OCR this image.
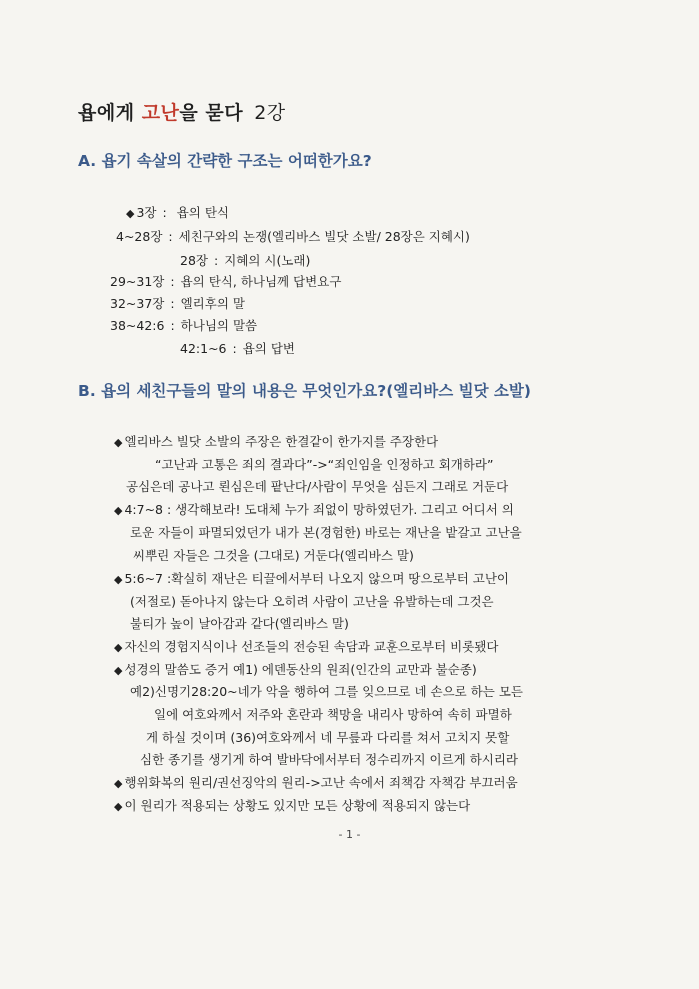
욥에게 고난을 묻다 2강
A. 욥기 속살의 간략한 구조는 어떠한가요?
◆ 3장 : 욥의 탄식
4~28장 : 세친구와의 논쟁(엘리바스 빌닷 소발/ 28장은 지혜시)
28장 : 지혜의 시(노래)
29~31장 : 욥의 탄식, 하나님께 답변요구
32~37장 : 엘리후의 말
38~42:6 : 하나님의 말씀
42:1~6 : 욥의 답변
B. 욥의 세친구들의 말의 내용은 무엇인가요?(엘리바스 빌닷 소발)
◆ 엘리바스 빌닷 소발의 주장은 한결같이 한가지를 주장한다
“고난과 고통은 죄의 결과다”->“죄인임을 인정하고 회개하라”
공심은데 공나고 뢴심은데 팥난다/사람이 무엇을 심든지 그래로 거둔다
◆ 4:7~8 : 생각해보라! 도대체 누가 죄없이 망하였던가. 그리고 어디서 의
로운 자들이 파멸되었던가 내가 본(경험한) 바로는 재난을 밭갈고 고난을
씨뿌린 자들은 그것을 (그대로) 거둔다(엘리바스 말)
◆ 5:6~7 :확실히 재난은 티끌에서부터 나오지 않으며 땅으로부터 고난이
(저절로) 돋아나지 않는다 오히려 사람이 고난을 유발하는데 그것은
불티가 높이 날아감과 같다(엘리바스 말)
◆ 자신의 경험지식이나 선조들의 전승된 속담과 교훈으로부터 비롯됐다
◆ 성경의 말씀도 증거 예1) 에덴동산의 원죄(인간의 교만과 불순종)
예2)신명기28:20~네가 악을 행하여 그를 잊으므로 네 손으로 하는 모든
일에 여호와께서 저주와 혼란과 책망을 내리사 망하여 속히 파멸하
게 하실 것이며 (36)여호와께서 네 무릎과 다리를 쳐서 고치지 못할
심한 종기를 생기게 하여 발바닥에서부터 정수리까지 이르게 하시리라
◆ 행위화복의 원리/권선징악의 원리->고난 속에서 죄책감 자책감 부끄러움
◆ 이 원리가 적용되는 상황도 있지만 모든 상황에 적용되지 않는다
- 1 -
